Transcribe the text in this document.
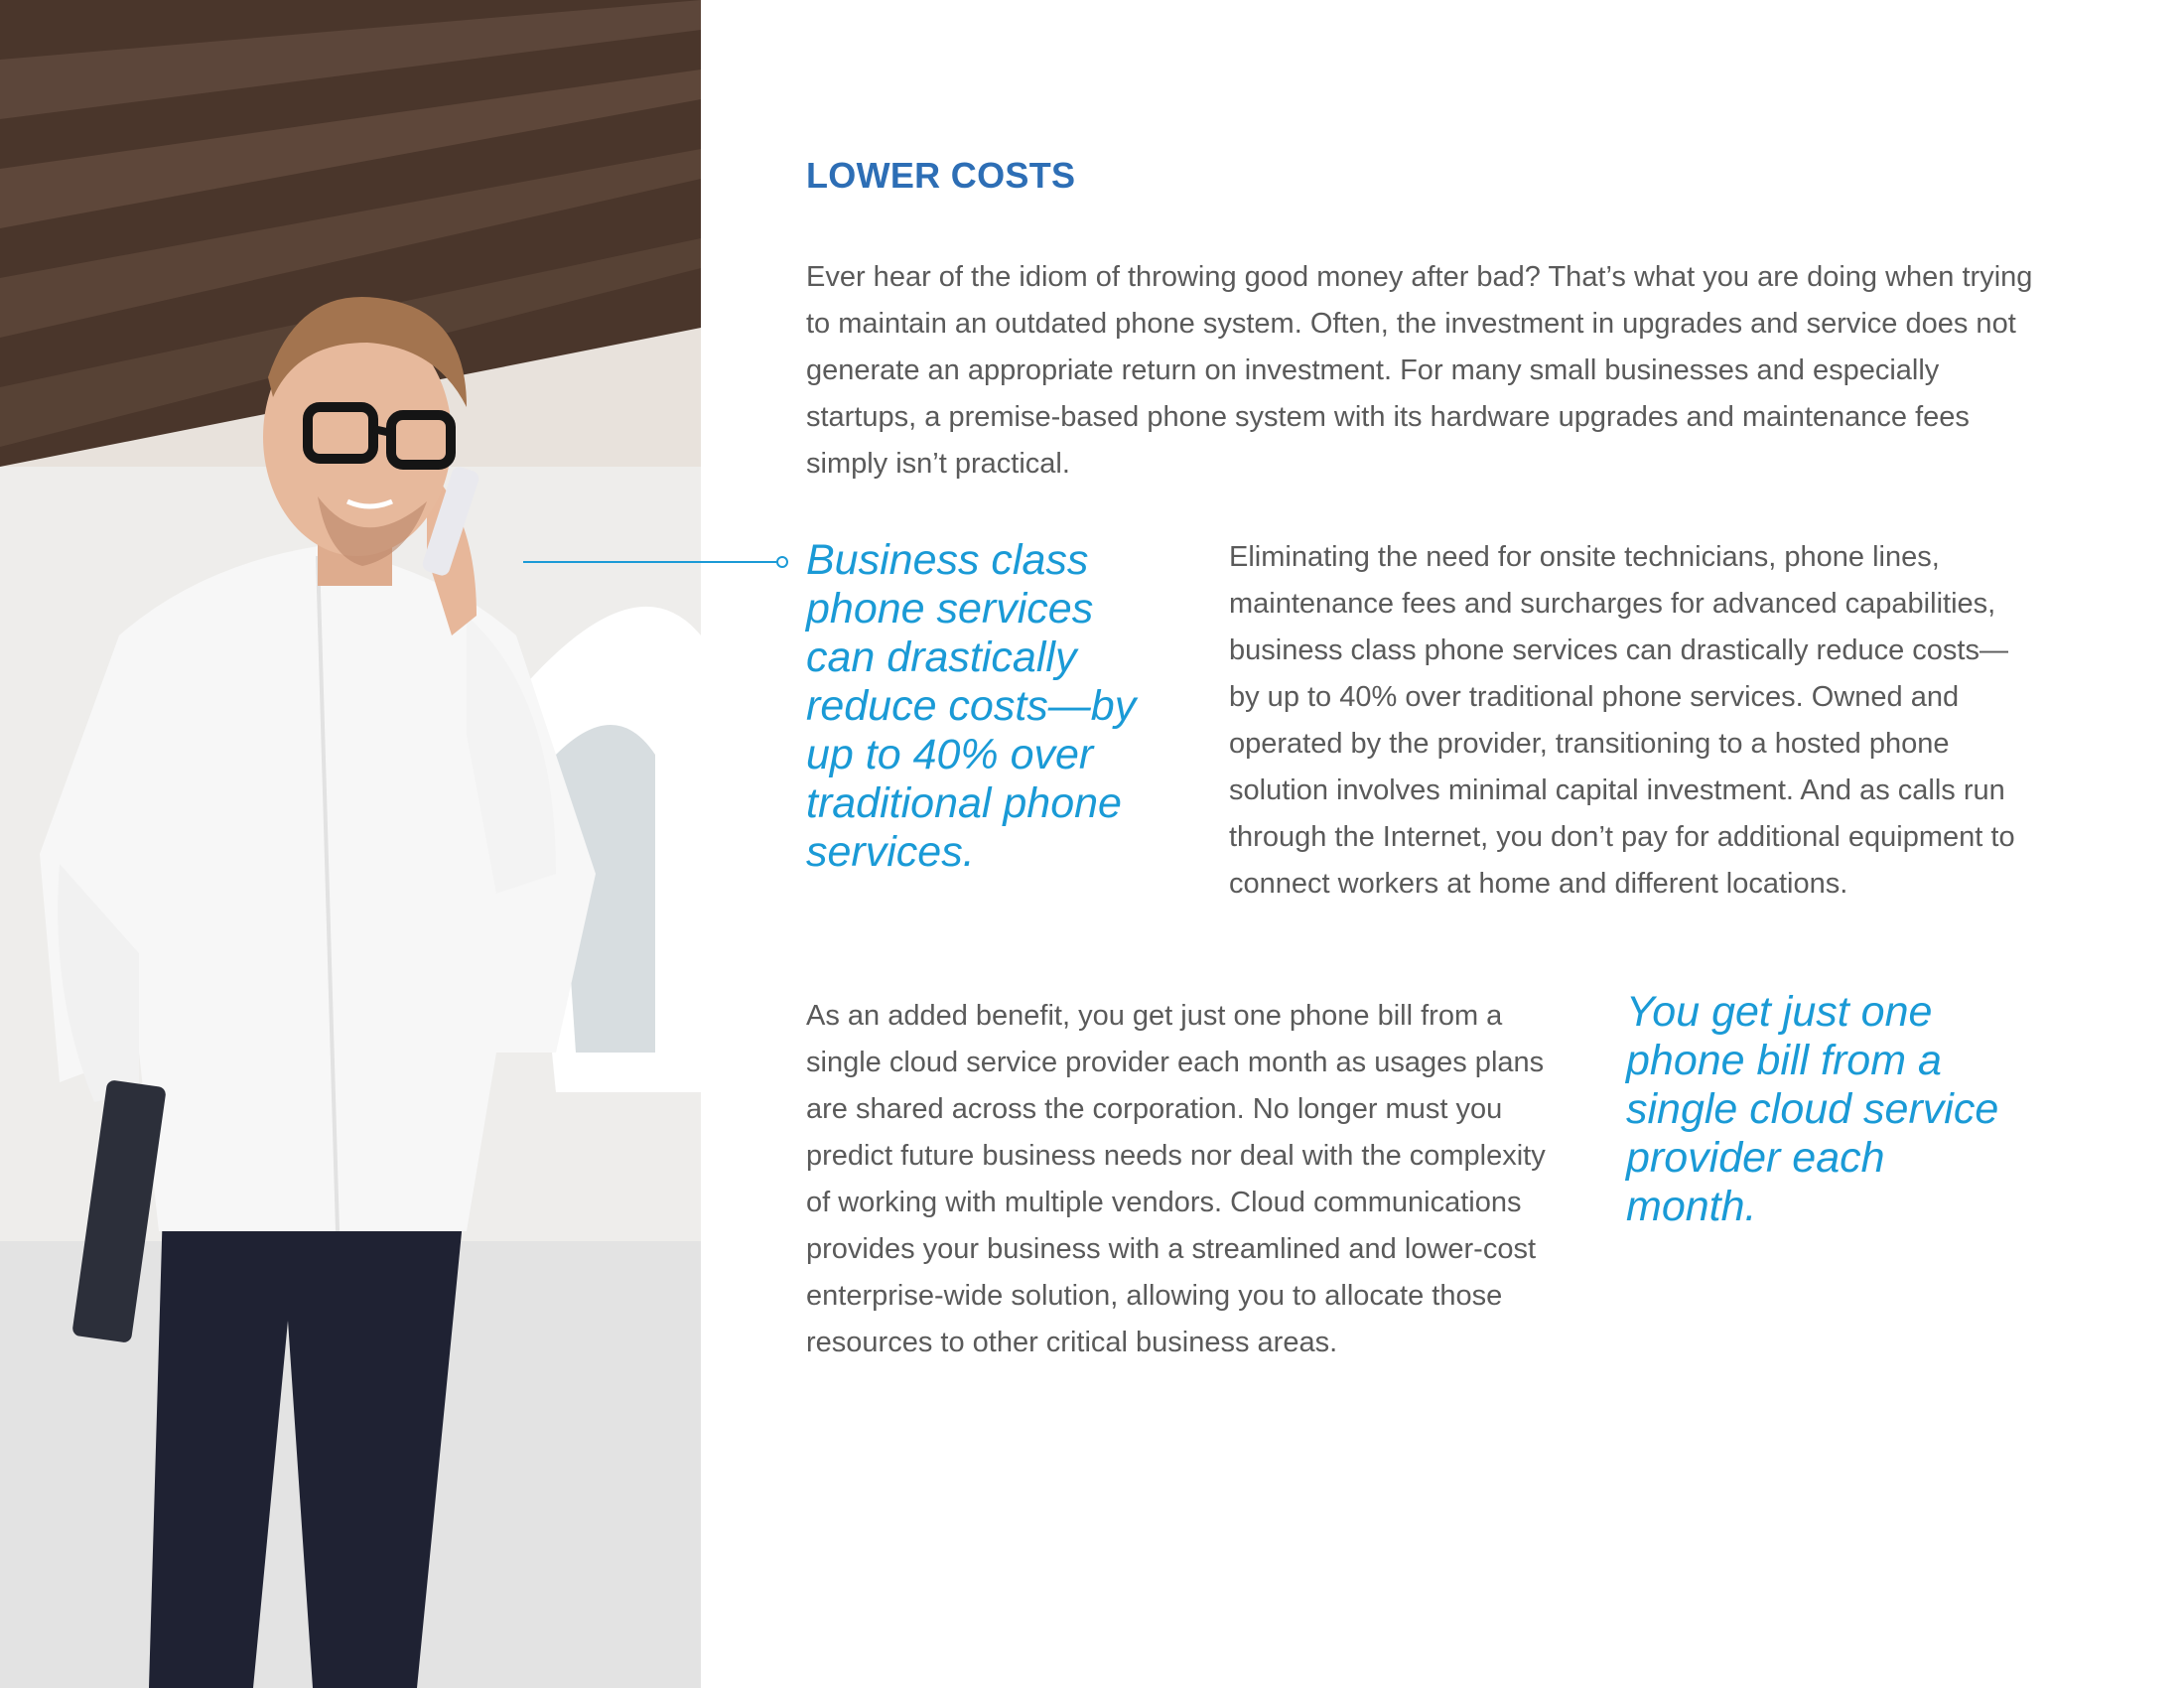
LOWER COSTS

Ever hear of the idiom of throwing good money after bad? That’s what you are doing when trying to maintain an outdated phone system. Often, the investment in upgrades and service does not generate an appropriate return on investment. For many small businesses and especially startups, a premise-based phone system with its hardware upgrades and maintenance fees simply isn’t practical.

Business class phone services can drastically reduce costs—by up to 40% over traditional phone services.

Eliminating the need for onsite technicians, phone lines, maintenance fees and surcharges for advanced capabilities, business class phone services can drastically reduce costs—by up to 40% over traditional phone services. Owned and operated by the provider, transitioning to a hosted phone solution involves minimal capital investment. And as calls run through the Internet, you don’t pay for additional equipment to connect workers at home and different locations.

As an added benefit, you get just one phone bill from a single cloud service provider each month as usages plans are shared across the corporation. No longer must you predict future business needs nor deal with the complexity of working with multiple vendors. Cloud communications provides your business with a streamlined and lower-cost enterprise-wide solution, allowing you to allocate those resources to other critical business areas.

You get just one phone bill from a single cloud service provider each month.
